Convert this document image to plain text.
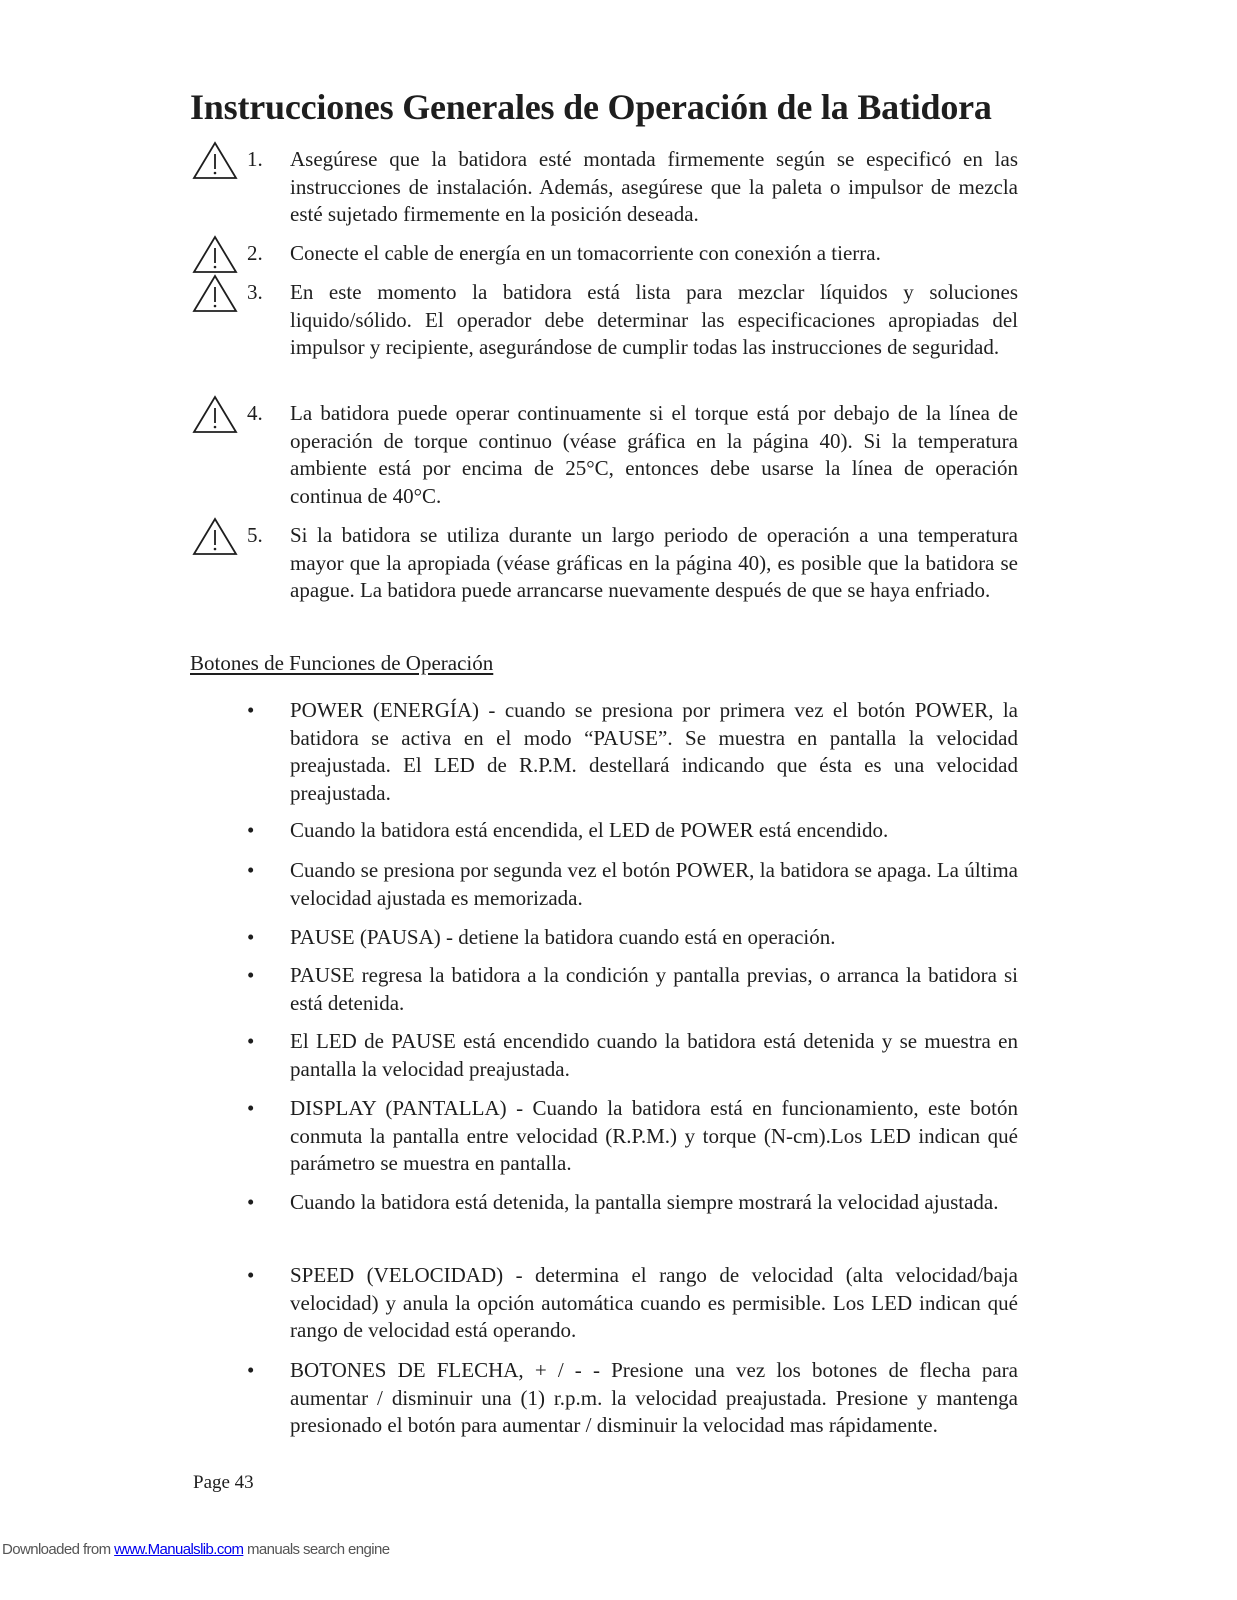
Instrucciones Generales de Operación de la Batidora
1. Asegúrese que la batidora esté montada firmemente según se especificó en las instrucciones de instalación. Además, asegúrese que la paleta o impulsor de mezcla esté sujetado firmemente en la posición deseada.
2. Conecte el cable de energía en un tomacorriente con conexión a tierra.
3. En este momento la batidora está lista para mezclar líquidos y soluciones liquido/sólido. El operador debe determinar las especificaciones apropiadas del impulsor y recipiente, asegurándose de cumplir todas las instrucciones de seguridad.
4. La batidora puede operar continuamente si el torque está por debajo de la línea de operación de torque continuo (véase gráfica en la página 40). Si la temperatura ambiente está por encima de 25°C, entonces debe usarse la línea de operación continua de 40°C.
5. Si la batidora se utiliza durante un largo periodo de operación a una temperatura mayor que la apropiada (véase gráficas en la página 40), es posible que la batidora se apague. La batidora puede arrancarse nuevamente después de que se haya enfriado.
Botones de Funciones de Operación
• POWER (ENERGÍA) - cuando se presiona por primera vez el botón POWER, la batidora se activa en el modo “PAUSE”. Se muestra en pantalla la velocidad preajustada. El LED de R.P.M. destellará indicando que ésta es una velocidad preajustada.
• Cuando la batidora está encendida, el LED de POWER está encendido.
• Cuando se presiona por segunda vez el botón POWER, la batidora se apaga. La última velocidad ajustada es memorizada.
• PAUSE (PAUSA) - detiene la batidora cuando está en operación.
• PAUSE regresa la batidora a la condición y pantalla previas, o arranca la batidora si está detenida.
• El LED de PAUSE está encendido cuando la batidora está detenida y se muestra en pantalla la velocidad preajustada.
• DISPLAY (PANTALLA) - Cuando la batidora está en funcionamiento, este botón conmuta la pantalla entre velocidad (R.P.M.) y torque (N-cm).Los LED indican qué parámetro se muestra en pantalla.
• Cuando la batidora está detenida, la pantalla siempre mostrará la velocidad ajustada.
• SPEED (VELOCIDAD) - determina el rango de velocidad (alta velocidad/baja velocidad) y anula la opción automática cuando es permisible. Los LED indican qué rango de velocidad está operando.
• BOTONES DE FLECHA, + / - - Presione una vez los botones de flecha para aumentar / disminuir una (1) r.p.m. la velocidad preajustada. Presione y mantenga presionado el botón para aumentar / disminuir la velocidad mas rápidamente.
Page 43
Downloaded from www.Manualslib.com manuals search engine
